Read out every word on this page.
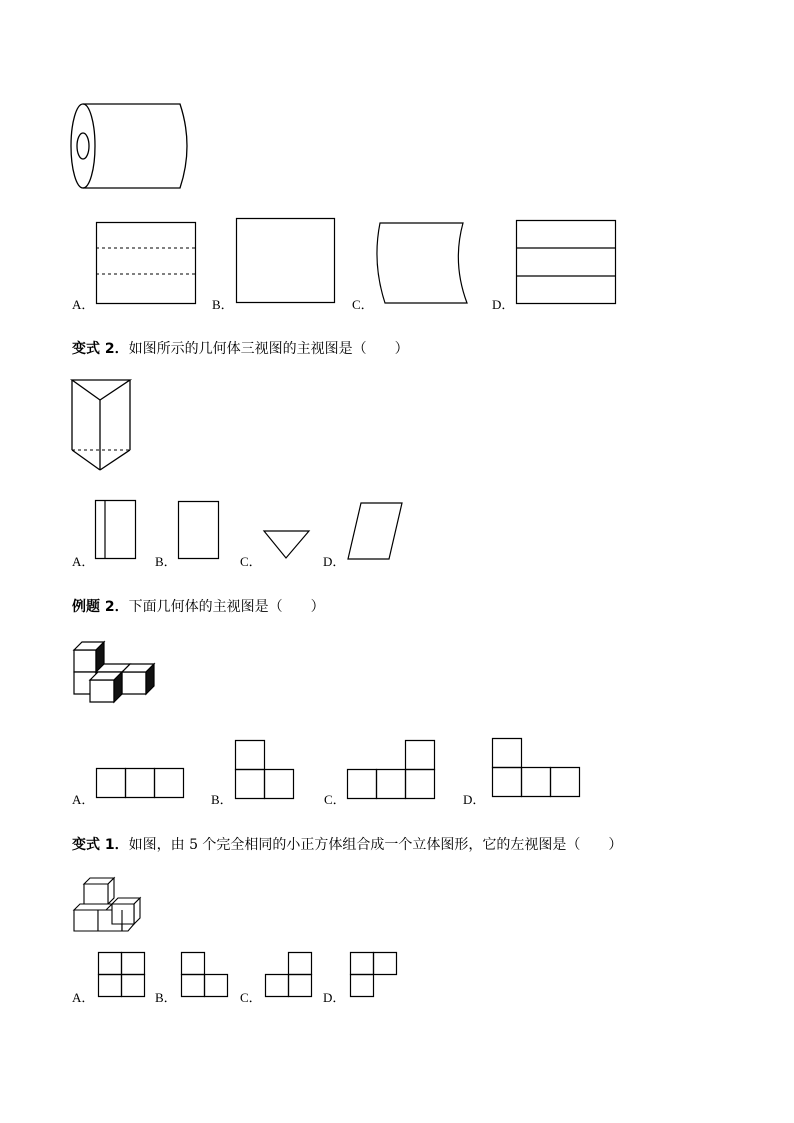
A．	B．	C．	D．
变式 2．如图所示的几何体三视图的主视图是（　　）
A．	B．	C．	D．
例题 2．下面几何体的主视图是（　　）
A．	B．	C．	D．
变式 1．如图，由 5 个完全相同的小正方体组合成一个立体图形，它的左视图是（　　）
A．	B．	C．	D．
